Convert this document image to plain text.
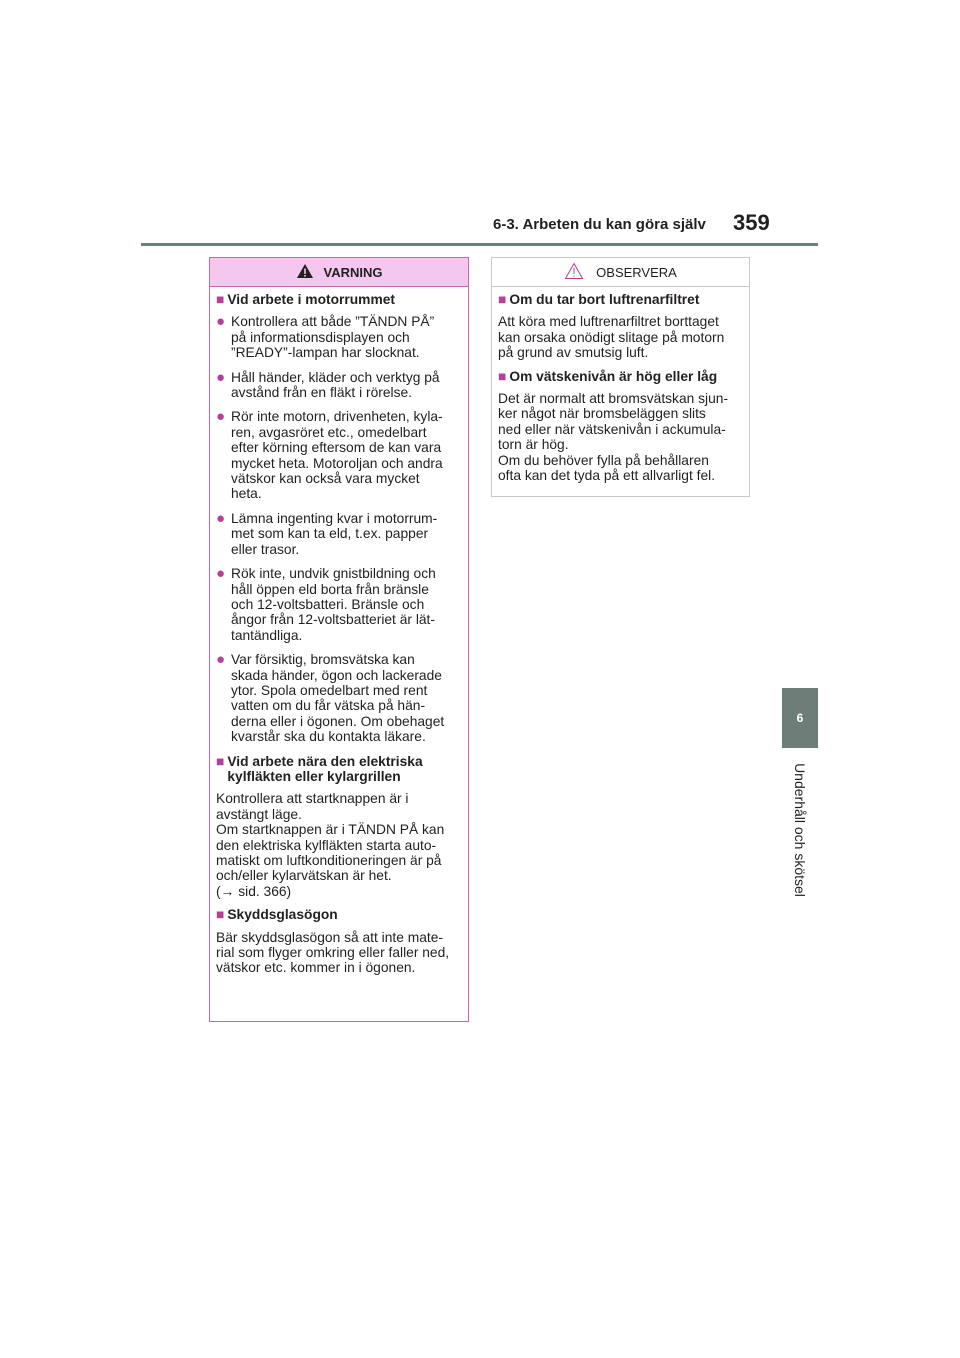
6-3. Arbeten du kan göra själv 359
6
Underhåll och skötsel
VARNING
■ Vid arbete i motorrummet
● Kontrollera att både ”TÄNDN PÅ”
på informationsdisplayen och
”READY”-lampan har slocknat.
● Håll händer, kläder och verktyg på
avstånd från en fläkt i rörelse.
● Rör inte motorn, drivenheten, kyla-
ren, avgasröret etc., omedelbart
efter körning eftersom de kan vara
mycket heta. Motoroljan och andra
vätskor kan också vara mycket
heta.
● Lämna ingenting kvar i motorrum-
met som kan ta eld, t.ex. papper
eller trasor.
● Rök inte, undvik gnistbildning och
håll öppen eld borta från bränsle
och 12-voltsbatteri. Bränsle och
ångor från 12-voltsbatteriet är lät-
tantändliga.
● Var försiktig, bromsvätska kan
skada händer, ögon och lackerade
ytor. Spola omedelbart med rent
vatten om du får vätska på hän-
derna eller i ögonen. Om obehaget
kvarstår ska du kontakta läkare.
■ Vid arbete nära den elektriska
kylfläkten eller kylargrillen
Kontrollera att startknappen är i
avstängt läge.
Om startknappen är i TÄNDN PÅ kan
den elektriska kylfläkten starta auto-
matiskt om luftkonditioneringen är på
och/eller kylarvätskan är het.
(→ sid. 366)
■ Skyddsglasögon
Bär skyddsglasögon så att inte mate-
rial som flyger omkring eller faller ned,
vätskor etc. kommer in i ögonen.
OBSERVERA
■ Om du tar bort luftrenarfiltret
Att köra med luftrenarfiltret borttaget
kan orsaka onödigt slitage på motorn
på grund av smutsig luft.
■ Om vätskenivån är hög eller låg
Det är normalt att bromsvätskan sjun-
ker något när bromsbeläggen slits
ned eller när vätskenivån i ackumula-
torn är hög.
Om du behöver fylla på behållaren
ofta kan det tyda på ett allvarligt fel.
